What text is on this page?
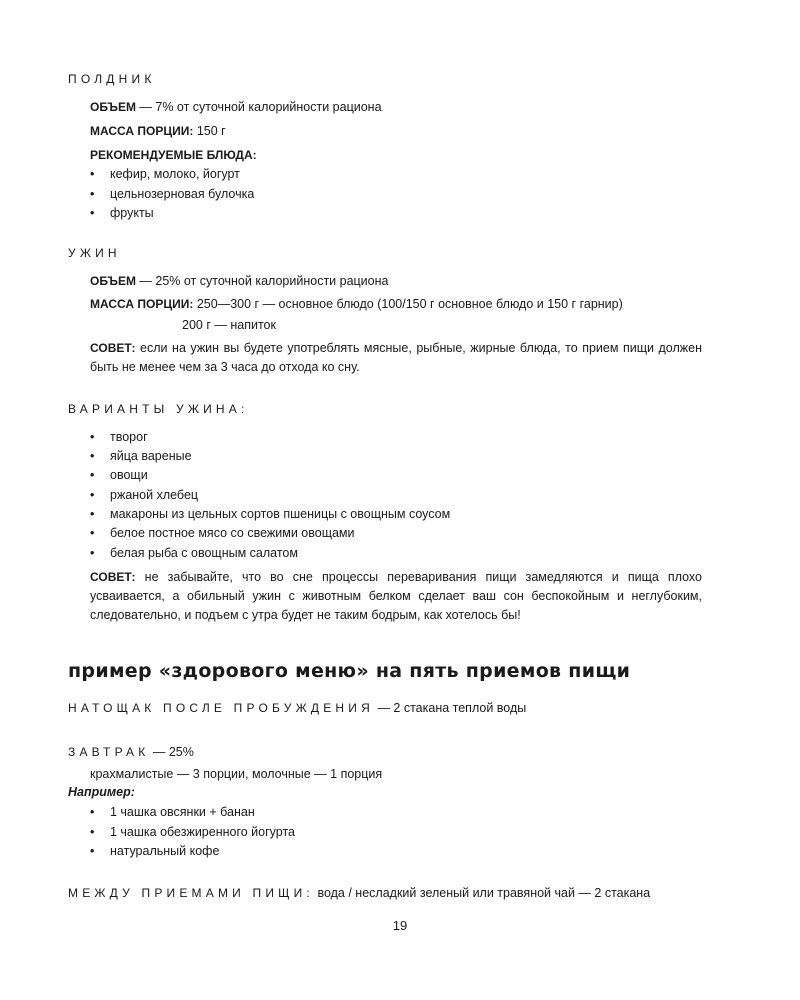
ПОЛДНИК
ОБЪЕМ — 7% от суточной калорийности рациона
МАССА ПОРЦИИ: 150 г
РЕКОМЕНДУЕМЫЕ БЛЮДА:
• кефир, молоко, йогурт
• цельнозерновая булочка
• фрукты
УЖИН
ОБЪЕМ — 25% от суточной калорийности рациона
МАССА ПОРЦИИ: 250—300 г — основное блюдо (100/150 г основное блюдо и 150 г гарнир)
200 г — напиток
СОВЕТ: если на ужин вы будете употреблять мясные, рыбные, жирные блюда, то прием пищи должен быть не менее чем за 3 часа до отхода ко сну.
ВАРИАНТЫ УЖИНА:
• творог
• яйца вареные
• овощи
• ржаной хлебец
• макароны из цельных сортов пшеницы с овощным соусом
• белое постное мясо со свежими овощами
• белая рыба с овощным салатом
СОВЕТ: не забывайте, что во сне процессы переваривания пищи замедляются и пища плохо усваивается, а обильный ужин с животным белком сделает ваш сон беспокойным и неглубоким, следовательно, и подъем с утра будет не таким бодрым, как хотелось бы!
пример «здорового меню» на пять приемов пищи
НАТОЩАК ПОСЛЕ ПРОБУЖДЕНИЯ — 2 стакана теплой воды
ЗАВТРАК — 25%
крахмалистые — 3 порции, молочные — 1 порция
Например:
• 1 чашка овсянки + банан
• 1 чашка обезжиренного йогурта
• натуральный кофе
МЕЖДУ ПРИЕМАМИ ПИЩИ: вода / несладкий зеленый или травяной чай — 2 стакана
19
